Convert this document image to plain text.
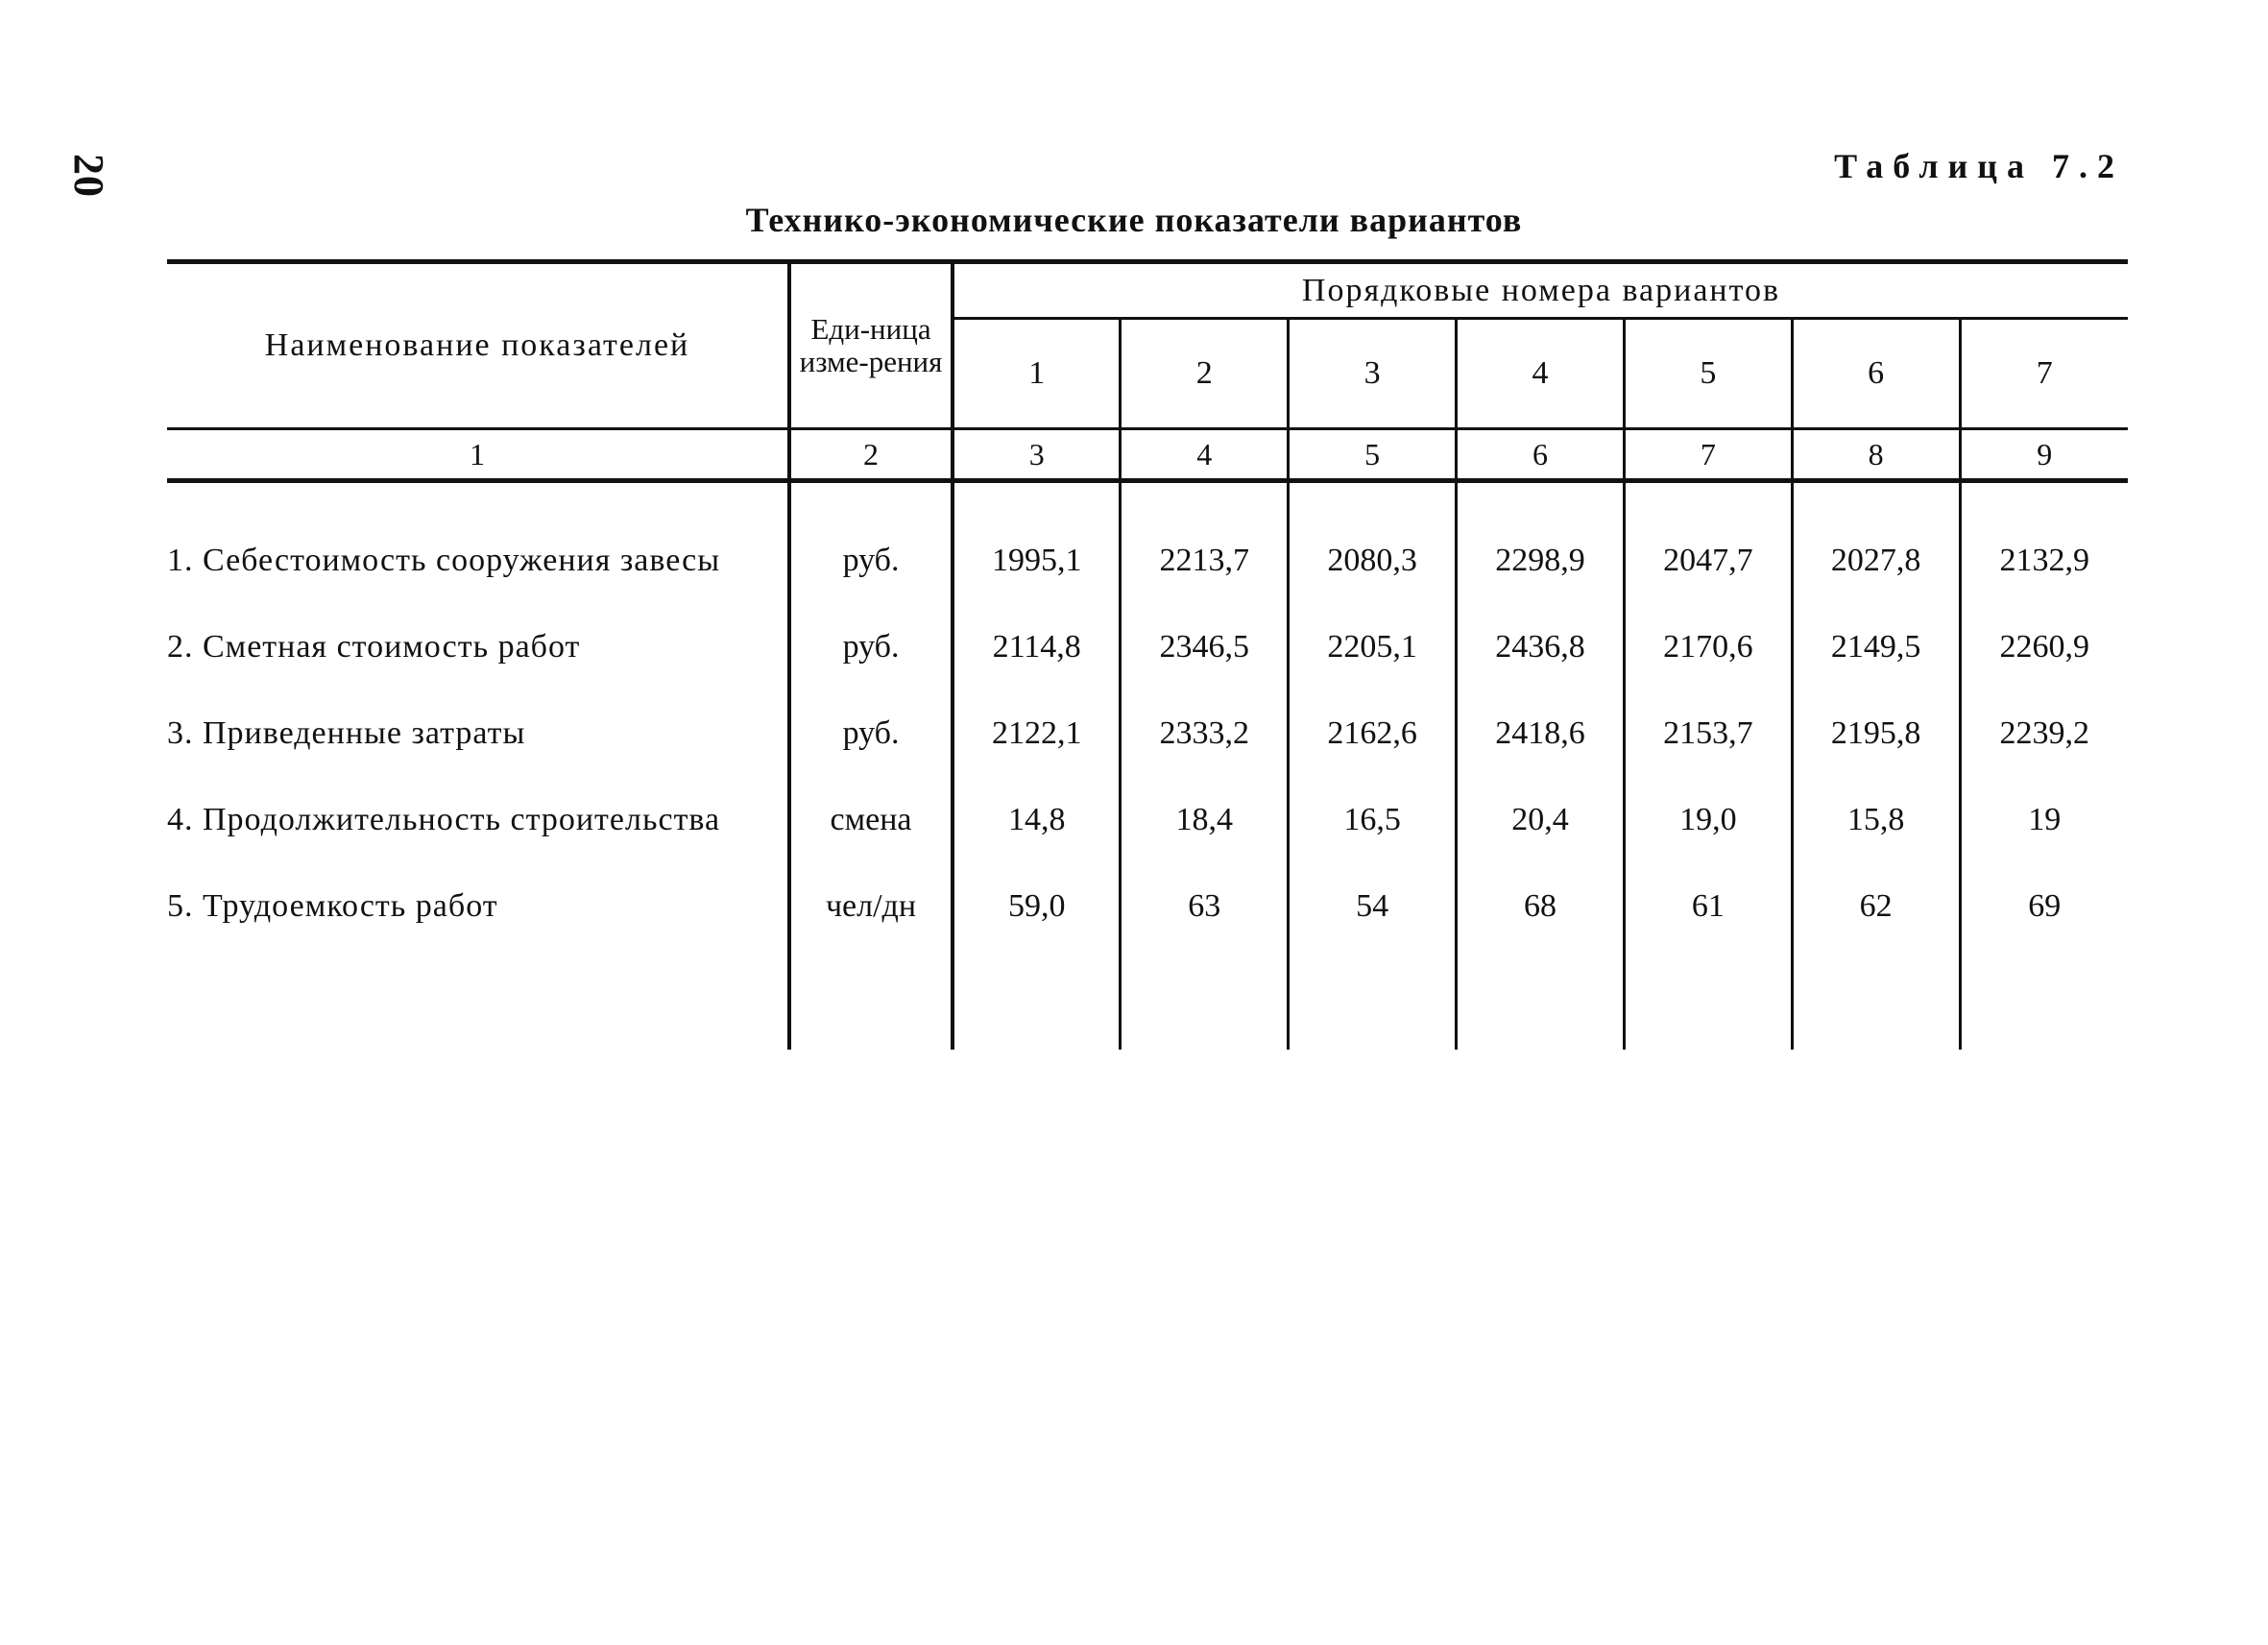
20	Таблица 7.2
Технико-экономические показатели вариантов
Наименование показателей	Еди-ница изме-рения	Порядковые номера вариантов						
		1	2	3	4	5	6	7
1	2	3	4	5	6	7	8	9

1. Себестоимость сооружения завесы	руб.	1995,1	2213,7	2080,3	2298,9	2047,7	2027,8	2132,9
2. Сметная стоимость работ	руб.	2114,8	2346,5	2205,1	2436,8	2170,6	2149,5	2260,9
3. Приведенные затраты	руб.	2122,1	2333,2	2162,6	2418,6	2153,7	2195,8	2239,2
4. Продолжительность строительства	смена	14,8	18,4	16,5	20,4	19,0	15,8	19
5. Трудоемкость работ	чел/дн	59,0	63	54	68	61	62	69
